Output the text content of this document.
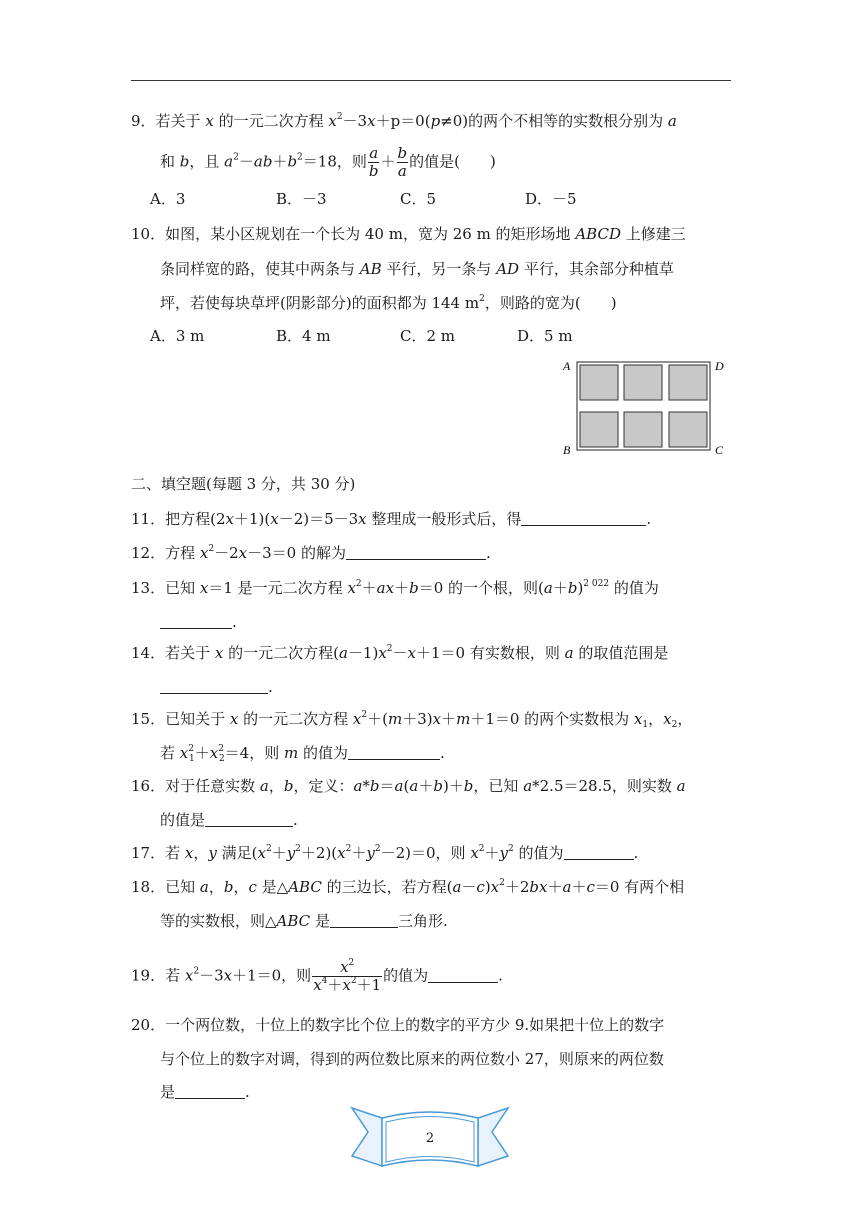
9．若关于 x 的一元二次方程 $x^2-3x+p=0(p\ne 0)$的两个不相等的实数根分别为 a
和 b，且 $a^2-ab+b^2=18$，则 $\frac{a}{b} + \frac{b}{a}$ 的值是(　　)
A．3	B．－3	C．5	D．－5
10．如图，某小区规划在一个长为 40 m，宽为 26 m 的矩形场地 ABCD 上修建三
条同样宽的路，使其中两条与 AB 平行，另一条与 AD 平行，其余部分种植草
坪，若使每块草坪(阴影部分)的面积都为 144 $m^2$，则路的宽为(　　)
A．3 m	B．4 m	C．2 m	D．5 m
A	D
B	C
二、填空题(每题 3 分，共 30 分)
11．把方程(2x＋1)(x－2)＝5－3x 整理成一般形式后，得	.
12．方程 $x^2-2x-3=0$ 的解为	.
13．已知 x＝1 是一元二次方程 $x^2+ax+b=0$ 的一个根，则$(a+b)^{2 022}$ 的值为
.
14．若关于 x 的一元二次方程$(a-1)x^2-x+1=0$ 有实数根，则 a 的取值范围是
.
15．已知关于 x 的一元二次方程 $x^2+(m+3)x+m+1=0$ 的两个实数根为 $x_1$，$x_2$，
若 $x^2_1+x^2_2=4$，则 m 的值为	.
16．对于任意实数 a，b，定义：a*b＝a(a＋b)＋b，已知 a*2.5＝28.5，则实数 a
的值是	.
17．若 x，y 满足$(x^2+y^2+2)(x^2+y^2-2)=0$，则 $x^2+y^2$ 的值为	.
18．已知 a，b，c 是△ABC 的三边长，若方程$(a-c)x^2+2bx+a+c=0$ 有两个相
等的实数根，则△ABC 是	三角形.
19．若 $x^2-3x+1=0$，则 $\frac{x^2}{x^4+x^2+1}$ 的值为	.
20．一个两位数，十位上的数字比个位上的数字的平方少 9.如果把十位上的数字
与个位上的数字对调，得到的两位数比原来的两位数小 27，则原来的两位数
是	.
2
